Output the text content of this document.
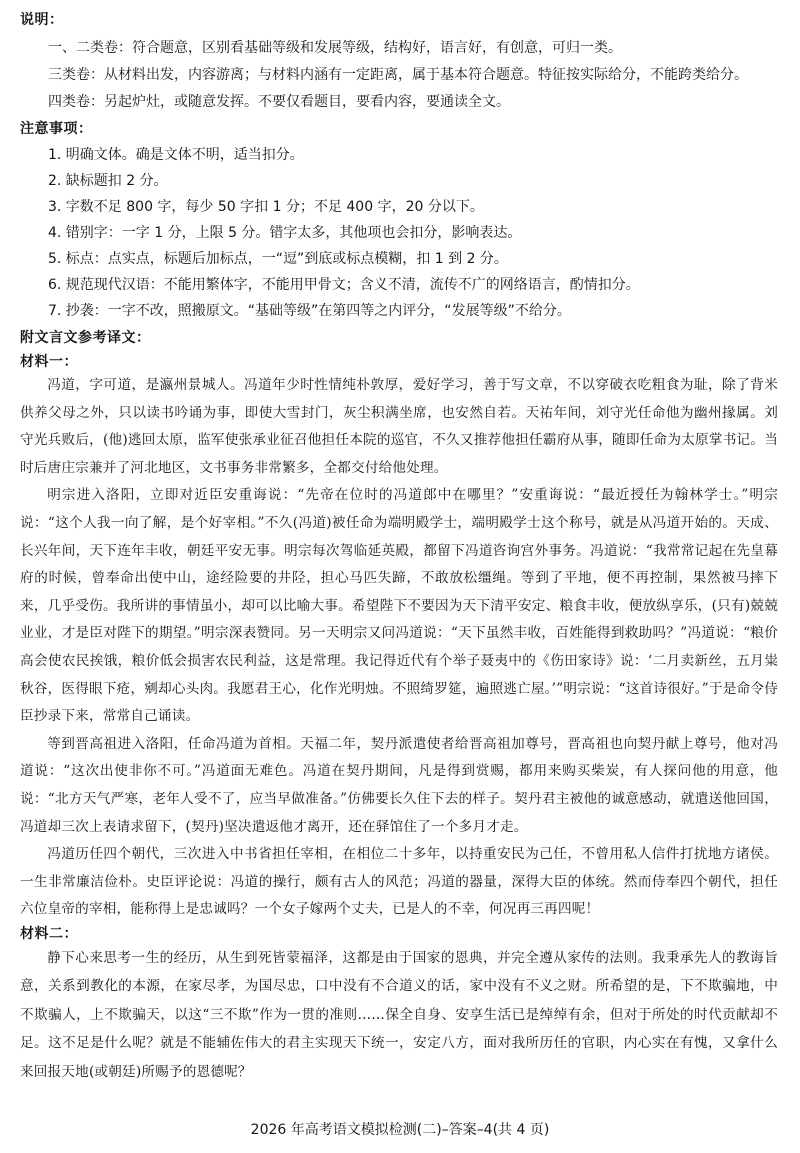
说明：

一、二类卷：符合题意，区别看基础等级和发展等级，结构好，语言好，有创意，可归一类。

三类卷：从材料出发，内容游离；与材料内涵有一定距离，属于基本符合题意。特征按实际给分，不能跨类给分。

四类卷：另起炉灶，或随意发挥。不要仅看题目，要看内容，要通读全文。

注意事项：

1. 明确文体。确是文体不明，适当扣分。
2. 缺标题扣 2 分。
3. 字数不足 800 字，每少 50 字扣 1 分；不足 400 字，20 分以下。
4. 错别字：一字 1 分，上限 5 分。错字太多，其他项也会扣分，影响表达。
5. 标点：点实点，标题后加标点，一“逗”到底或标点模糊，扣 1 到 2 分。
6. 规范现代汉语：不能用繁体字，不能用甲骨文；含义不清，流传不广的网络语言，酌情扣分。
7. 抄袭：一字不改，照搬原文。“基础等级”在第四等之内评分，“发展等级”不给分。

附文言文参考译文：

材料一：

冯道，字可道，是瀛州景城人。冯道年少时性情纯朴敦厚，爱好学习，善于写文章，不以穿破衣吃粗食为耻，除了背米供养父母之外，只以读书吟诵为事，即使大雪封门，灰尘积满坐席，也安然自若。天祐年间，刘守光任命他为幽州掾属。刘守光兵败后，(他)逃回太原，监军使张承业征召他担任本院的巡官，不久又推荐他担任霸府从事，随即任命为太原掌书记。当时后唐庄宗兼并了河北地区，文书事务非常繁多，全都交付给他处理。

明宗进入洛阳，立即对近臣安重诲说：“先帝在位时的冯道郎中在哪里？”安重诲说：“最近授任为翰林学士。”明宗说：“这个人我一向了解，是个好宰相。”不久(冯道)被任命为端明殿学士，端明殿学士这个称号，就是从冯道开始的。天成、长兴年间，天下连年丰收，朝廷平安无事。明宗每次驾临延英殿，都留下冯道咨询宫外事务。冯道说：“我常常记起在先皇幕府的时候，曾奉命出使中山，途经险要的井陉，担心马匹失蹄，不敢放松缰绳。等到了平地，便不再控制，果然被马摔下来，几乎受伤。我所讲的事情虽小，却可以比喻大事。希望陛下不要因为天下清平安定、粮食丰收，便放纵享乐，(只有)兢兢业业，才是臣对陛下的期望。”明宗深表赞同。另一天明宗又问冯道说：“天下虽然丰收，百姓能得到救助吗？”冯道说：“粮价高会使农民挨饿，粮价低会损害农民利益，这是常理。我记得近代有个举子聂夷中的《伤田家诗》说：‘二月卖新丝，五月粜秋谷，医得眼下疮，剜却心头肉。我愿君王心，化作光明烛。不照绮罗筵，遍照逃亡屋。’”明宗说：“这首诗很好。”于是命令侍臣抄录下来，常常自己诵读。

等到晋高祖进入洛阳，任命冯道为首相。天福二年，契丹派遣使者给晋高祖加尊号，晋高祖也向契丹献上尊号，他对冯道说：“这次出使非你不可。”冯道面无难色。冯道在契丹期间，凡是得到赏赐，都用来购买柴炭，有人探问他的用意，他说：“北方天气严寒，老年人受不了，应当早做准备。”仿佛要长久住下去的样子。契丹君主被他的诚意感动，就遣送他回国，冯道却三次上表请求留下，(契丹)坚决遣返他才离开，还在驿馆住了一个多月才走。

冯道历任四个朝代，三次进入中书省担任宰相，在相位二十多年，以持重安民为己任，不曾用私人信件打扰地方诸侯。一生非常廉洁俭朴。史臣评论说：冯道的操行，颇有古人的风范；冯道的器量，深得大臣的体统。然而侍奉四个朝代，担任六位皇帝的宰相，能称得上是忠诚吗？一个女子嫁两个丈夫，已是人的不幸，何况再三再四呢！

材料二：

静下心来思考一生的经历，从生到死皆蒙福泽，这都是由于国家的恩典，并完全遵从家传的法则。我秉承先人的教诲旨意，关系到教化的本源，在家尽孝，为国尽忠，口中没有不合道义的话，家中没有不义之财。所希望的是，下不欺骗地，中不欺骗人，上不欺骗天，以这“三不欺”作为一贯的准则……保全自身、安享生活已是绰绰有余，但对于所处的时代贡献却不足。这不足是什么呢？就是不能辅佐伟大的君主实现天下统一，安定八方，面对我所历任的官职，内心实在有愧，又拿什么来回报天地(或朝廷)所赐予的恩德呢？

2026 年高考语文模拟检测(二)–答案–4(共 4 页)
